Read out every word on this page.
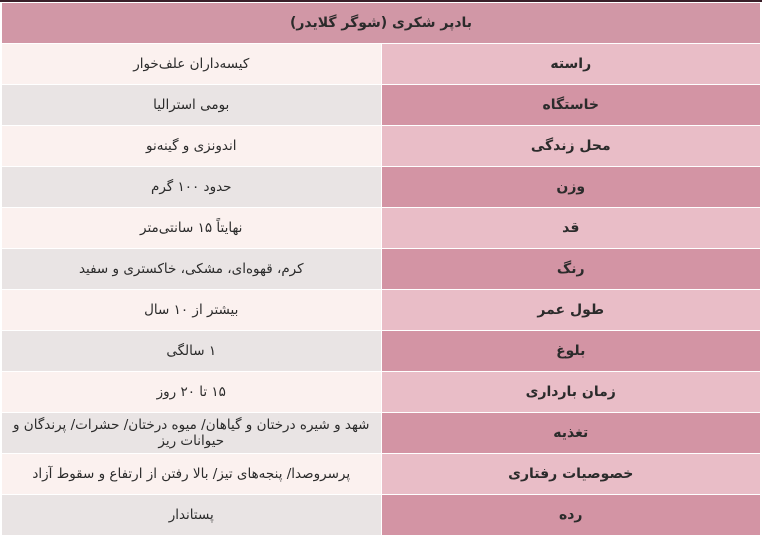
بادپر شکری (شوگر گلایدر)	
راسته	کیسه‌داران علف‌خوار
خاستگاه	بومی استرالیا
محل زندگی	اندونزی و گینه‌نو
وزن	حدود ۱۰۰ گرم
قد	نهایتاً ۱۵ سانتی‌متر
رنگ	کرم، قهوه‌ای، مشکی، خاکستری و سفید
طول عمر	بیشتر از ۱۰ سال
بلوغ	۱ سالگی
زمان بارداری	۱۵ تا ۲۰ روز
تغذیه	شهد و شیره درختان و گیاهان/ میوه درختان/ حشرات/ پرندگان و حیوانات ریز
خصوصیات رفتاری	پرسروصدا/ پنجه‌های تیز/ بالا رفتن از ارتفاع و سقوط آزاد
رده	پستاندار
